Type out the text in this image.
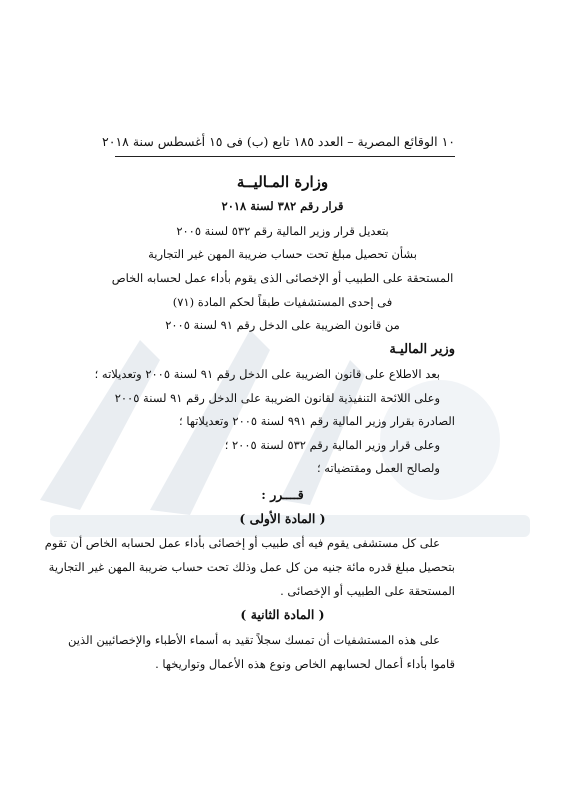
١٠ الوقائع المصرية – العدد ١٨٥ تابع (ب) فى ١٥ أغسطس سنة ٢٠١٨
وزارة المـاليــة
قرار رقم ٣٨٢ لسنة ٢٠١٨
بتعديل قرار وزير المالية رقم ٥٣٢ لسنة ٢٠٠٥
بشأن تحصيل مبلغ تحت حساب ضريبة المهن غير التجارية
المستحقة على الطبيب أو الإخصائى الذى يقوم بأداء عمل لحسابه الخاص
فى إحدى المستشفيات طبقاً لحكم المادة (٧١)
من قانون الضريبة على الدخل رقم ٩١ لسنة ٢٠٠٥
وزير الماليـة
بعد الاطلاع على قانون الضريبة على الدخل رقم ٩١ لسنة ٢٠٠٥ وتعديلاته ؛
وعلى اللائحة التنفيذية لقانون الضريبة على الدخل رقم ٩١ لسنة ٢٠٠٥
الصادرة بقرار وزير المالية رقم ٩٩١ لسنة ٢٠٠٥ وتعديلاتها ؛
وعلى قرار وزير المالية رقم ٥٣٢ لسنة ٢٠٠٥ ؛
ولصالح العمل ومقتضياته ؛
قــــرر :
( المادة الأولى )
على كل مستشفى يقوم فيه أى طبيب أو إخصائى بأداء عمل لحسابه الخاص أن تقوم
بتحصيل مبلغ قدره مائة جنيه من كل عمل وذلك تحت حساب ضريبة المهن غير التجارية
المستحقة على الطبيب أو الإخصائى .
( المادة الثانية )
على هذه المستشفيات أن تمسك سجلاً تقيد به أسماء الأطباء والإخصائيين الذين
قاموا بأداء أعمال لحسابهم الخاص ونوع هذه الأعمال وتواريخها .
